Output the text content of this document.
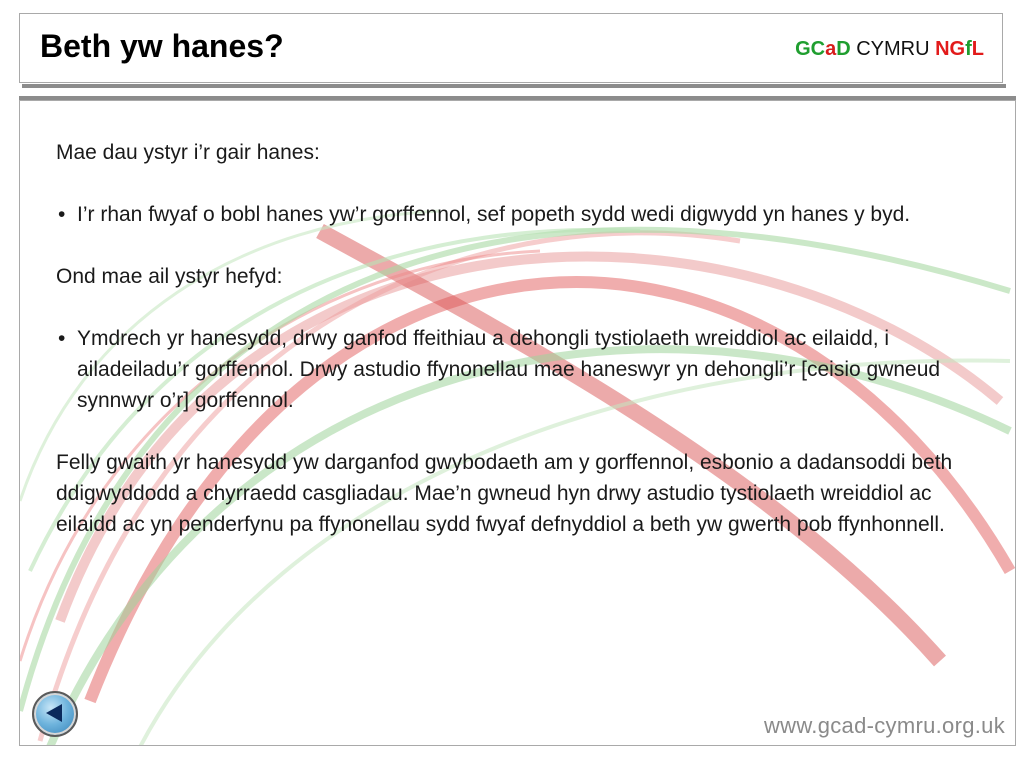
Beth yw hanes?	GCaD CYMRU NGfL

Mae dau ystyr i’r gair hanes:

• I’r rhan fwyaf o bobl hanes yw’r gorffennol, sef popeth sydd wedi digwydd yn hanes y byd.

Ond mae ail ystyr hefyd:

• Ymdrech yr hanesydd, drwy ganfod ffeithiau a dehongli tystiolaeth wreiddiol ac eilaidd, i ailadeiladu’r gorffennol. Drwy astudio ffynonellau mae haneswyr yn dehongli’r [ceisio gwneud synnwyr o’r] gorffennol.

Felly gwaith yr hanesydd yw darganfod gwybodaeth am y gorffennol, esbonio a dadansoddi beth ddigwyddodd a chyrraedd casgliadau. Mae’n gwneud hyn drwy astudio tystiolaeth wreiddiol ac eilaidd ac yn penderfynu pa ffynonellau sydd fwyaf defnyddiol a beth yw gwerth pob ffynhonnell.

www.gcad-cymru.org.uk
